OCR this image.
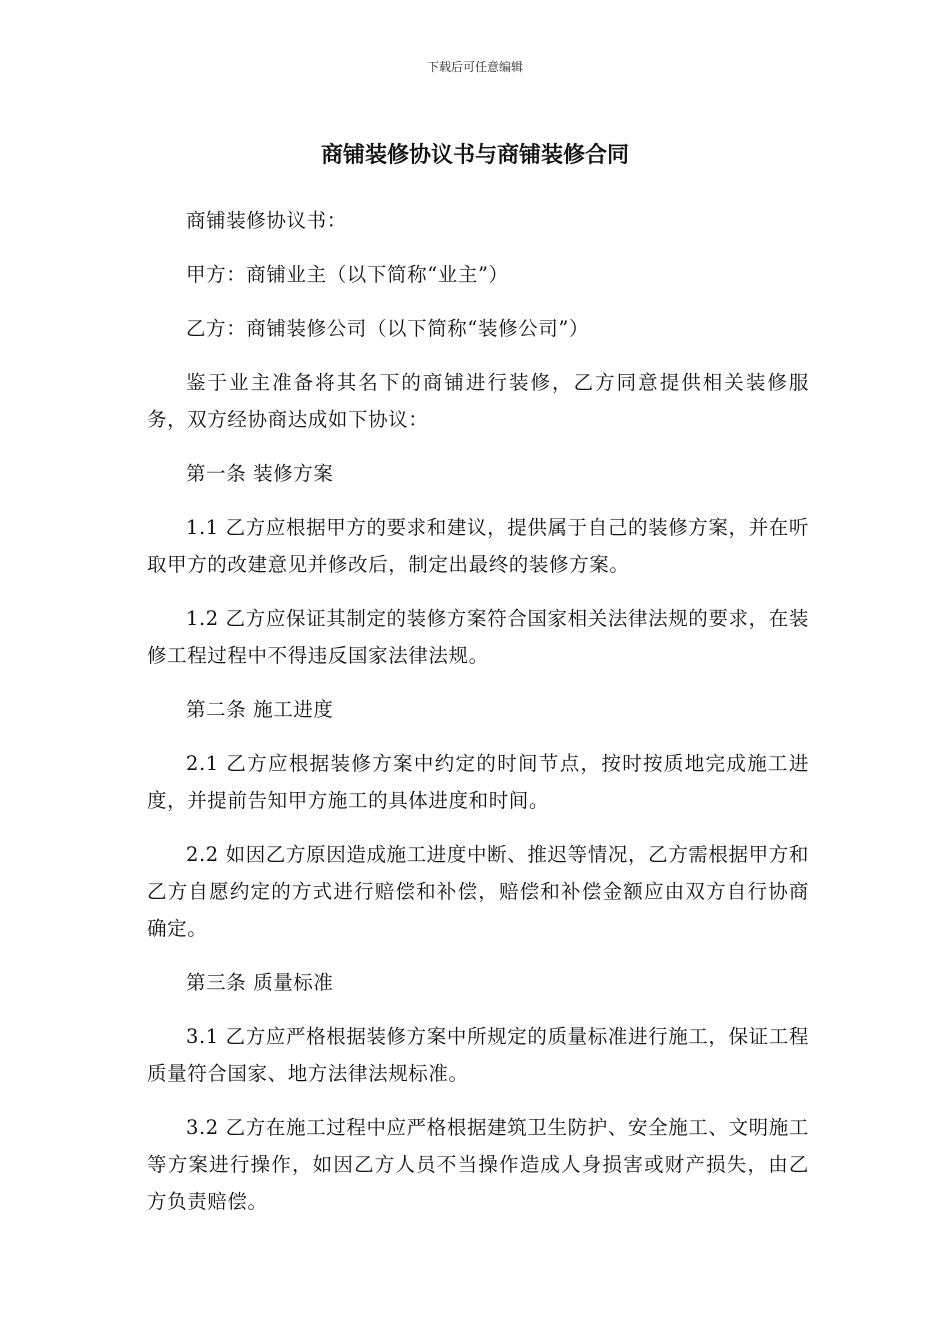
下载后可任意编辑
商铺装修协议书与商铺装修合同

商铺装修协议书：

甲方：商铺业主（以下简称“业主”）

乙方：商铺装修公司（以下简称“装修公司”）

鉴于业主准备将其名下的商铺进行装修，乙方同意提供相关装修服务，双方经协商达成如下协议：

第一条 装修方案

1.1 乙方应根据甲方的要求和建议，提供属于自己的装修方案，并在听取甲方的改建意见并修改后，制定出最终的装修方案。

1.2 乙方应保证其制定的装修方案符合国家相关法律法规的要求，在装修工程过程中不得违反国家法律法规。

第二条 施工进度

2.1 乙方应根据装修方案中约定的时间节点，按时按质地完成施工进度，并提前告知甲方施工的具体进度和时间。

2.2 如因乙方原因造成施工进度中断、推迟等情况，乙方需根据甲方和乙方自愿约定的方式进行赔偿和补偿，赔偿和补偿金额应由双方自行协商确定。

第三条 质量标准

3.1 乙方应严格根据装修方案中所规定的质量标准进行施工，保证工程质量符合国家、地方法律法规标准。

3.2 乙方在施工过程中应严格根据建筑卫生防护、安全施工、文明施工等方案进行操作，如因乙方人员不当操作造成人身损害或财产损失，由乙方负责赔偿。
